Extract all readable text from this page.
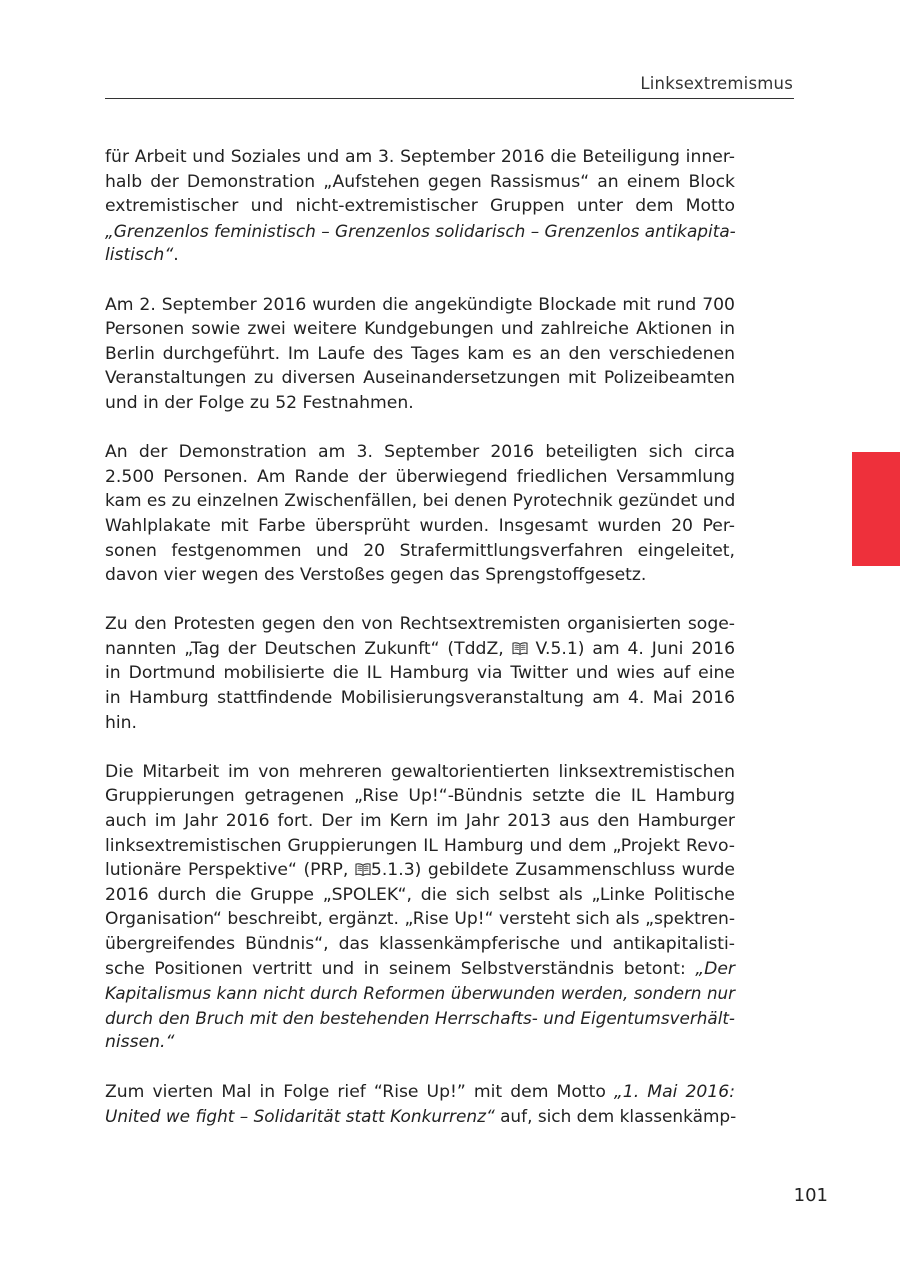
Linksextremismus
für Arbeit und Soziales und am 3. September 2016 die Beteiligung inner-
halb der Demonstration „Aufstehen gegen Rassismus“ an einem Block
extremistischer und nicht-extremistischer Gruppen unter dem Motto
„Grenzenlos feministisch – Grenzenlos solidarisch – Grenzenlos antikapita-
listisch“.
Am 2. September 2016 wurden die angekündigte Blockade mit rund 700
Personen sowie zwei weitere Kundgebungen und zahlreiche Aktionen in
Berlin durchgeführt. Im Laufe des Tages kam es an den verschiedenen
Veranstaltungen zu diversen Auseinandersetzungen mit Polizeibeamten
und in der Folge zu 52 Festnahmen.
An der Demonstration am 3. September 2016 beteiligten sich circa
2.500 Personen. Am Rande der überwiegend friedlichen Versammlung
kam es zu einzelnen Zwischenfällen, bei denen Pyrotechnik gezündet und
Wahlplakate mit Farbe übersprüht wurden. Insgesamt wurden 20 Per-
sonen festgenommen und 20 Strafermittlungsverfahren eingeleitet,
davon vier wegen des Verstoßes gegen das Sprengstoffgesetz.
Zu den Protesten gegen den von Rechtsextremisten organisierten soge-
nannten „Tag der Deutschen Zukunft“ (TddZ, V.5.1) am 4. Juni 2016
in Dortmund mobilisierte die IL Hamburg via Twitter und wies auf eine
in Hamburg stattfindende Mobilisierungsveranstaltung am 4. Mai 2016
hin.
Die Mitarbeit im von mehreren gewaltorientierten linksextremistischen
Gruppierungen getragenen „Rise Up!“-Bündnis setzte die IL Hamburg
auch im Jahr 2016 fort. Der im Kern im Jahr 2013 aus den Hamburger
linksextremistischen Gruppierungen IL Hamburg und dem „Projekt Revo-
lutionäre Perspektive“ (PRP, 5.1.3) gebildete Zusammenschluss wurde
2016 durch die Gruppe „SPOLEK“, die sich selbst als „Linke Politische
Organisation“ beschreibt, ergänzt. „Rise Up!“ versteht sich als „spektren-
übergreifendes Bündnis“, das klassenkämpferische und antikapitalisti-
sche Positionen vertritt und in seinem Selbstverständnis betont: „Der
Kapitalismus kann nicht durch Reformen überwunden werden, sondern nur
durch den Bruch mit den bestehenden Herrschafts- und Eigentumsverhält-
nissen.“
Zum vierten Mal in Folge rief “Rise Up!” mit dem Motto „1. Mai 2016:
United we fight – Solidarität statt Konkurrenz“ auf, sich dem klassenkämp-
101
